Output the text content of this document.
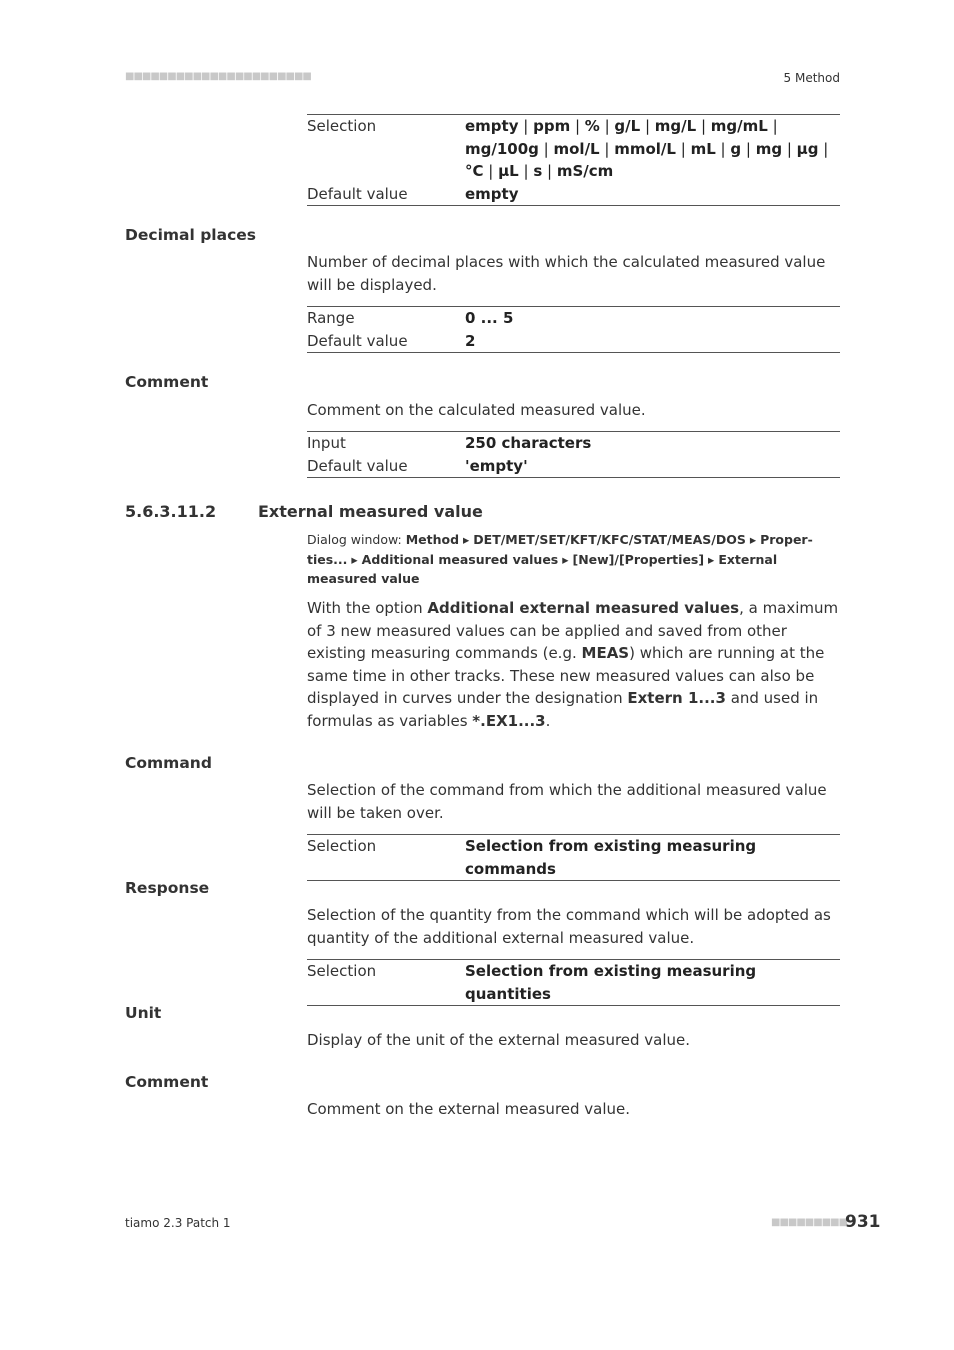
■■■■■■■■■■■■■■■■■■■■■■	5 Method
Selection	empty | ppm | % | g/L | mg/L | mg/mL | mg/100g | mol/L | mmol/L | mL | g | mg | µg | °C | µL | s | mS/cm
Default value	empty
Decimal places
Number of decimal places with which the calculated measured value will be displayed.
Range	0 ... 5
Default value	2
Comment
Comment on the calculated measured value.
Input	250 characters
Default value	'empty'
5.6.3.11.2	External measured value
Dialog window: Method ▸ DET/MET/SET/KFT/KFC/STAT/MEAS/DOS ▸ Proper-ties... ▸ Additional measured values ▸ [New]/[Properties] ▸ External measured value
With the option Additional external measured values, a maximum of 3 new measured values can be applied and saved from other existing measuring commands (e.g. MEAS) which are running at the same time in other tracks. These new measured values can also be displayed in curves under the designation Extern 1...3 and used in formulas as variables *.EX1...3.
Command
Selection of the command from which the additional measured value will be taken over.
Selection	Selection from existing measuring commands
Response
Selection of the quantity from the command which will be adopted as quantity of the additional external measured value.
Selection	Selection from existing measuring quantities
Unit
Display of the unit of the external measured value.
Comment
Comment on the external measured value.
tiamo 2.3 Patch 1	■■■■■■■■■
931
